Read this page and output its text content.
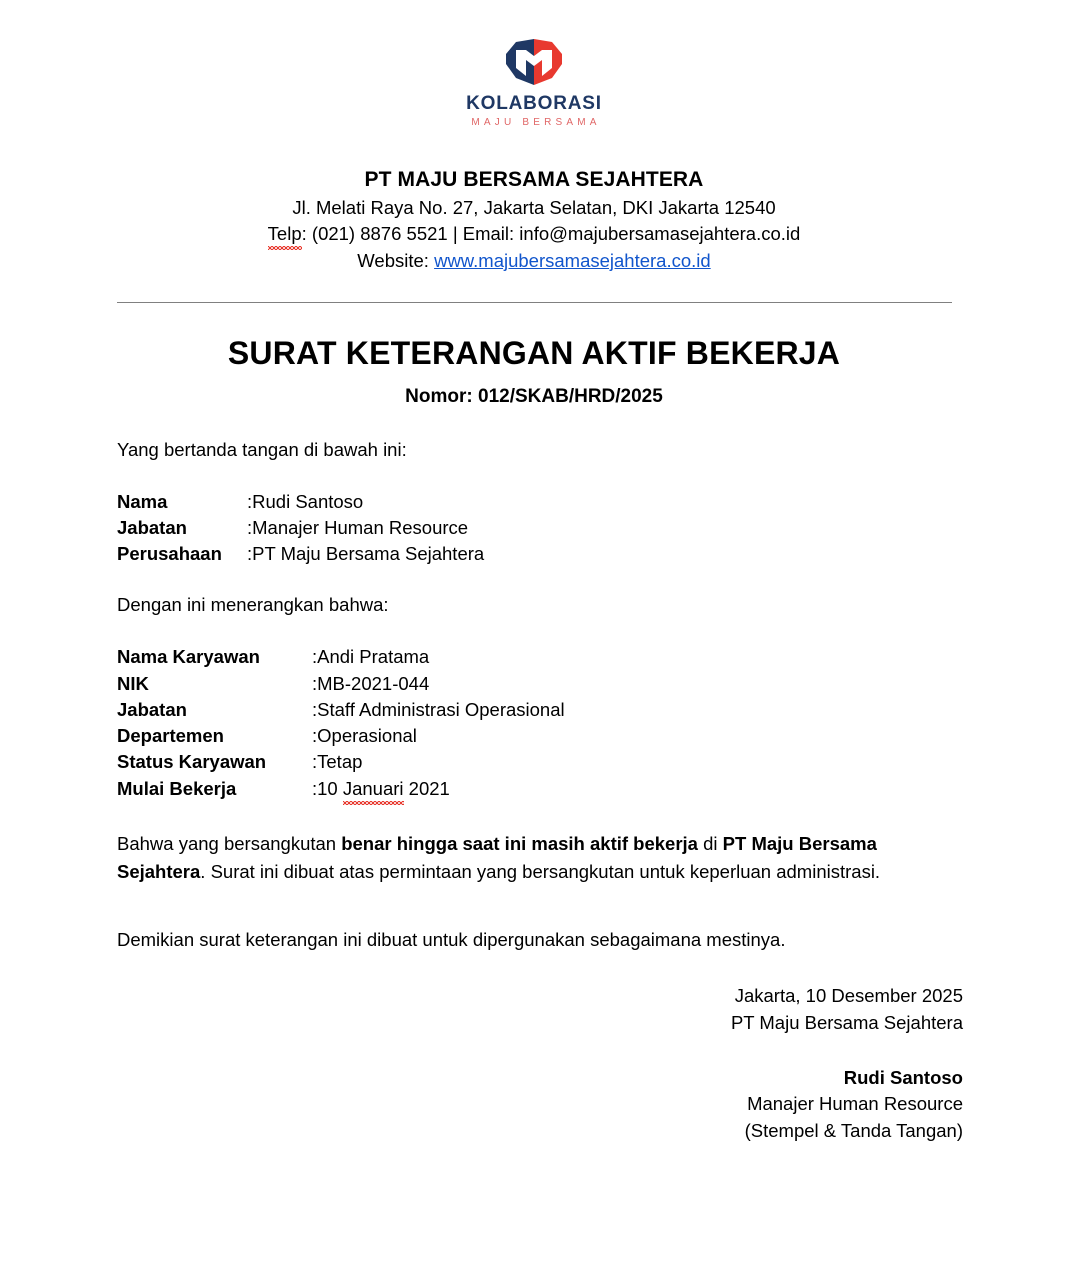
KOLABORASI
MAJU BERSAMA
PT MAJU BERSAMA SEJAHTERA
Jl. Melati Raya No. 27, Jakarta Selatan, DKI Jakarta 12540
Telp: (021) 8876 5521 | Email: info@majubersamasejahtera.co.id
Website: www.majubersamasejahtera.co.id
SURAT KETERANGAN AKTIF BEKERJA
Nomor: 012/SKAB/HRD/2025

Yang bertanda tangan di bawah ini:

Nama	:	Rudi Santoso
Jabatan	:	Manajer Human Resource
Perusahaan	:	PT Maju Bersama Sejahtera

Dengan ini menerangkan bahwa:

Nama Karyawan	:	Andi Pratama
NIK	:	MB-2021-044
Jabatan	:	Staff Administrasi Operasional
Departemen	:	Operasional
Status Karyawan	:	Tetap
Mulai Bekerja	:	10 Januari 2021

Bahwa yang bersangkutan benar hingga saat ini masih aktif bekerja di PT Maju Bersama Sejahtera. Surat ini dibuat atas permintaan yang bersangkutan untuk keperluan administrasi.

Demikian surat keterangan ini dibuat untuk dipergunakan sebagaimana mestinya.

Jakarta, 10 Desember 2025
PT Maju Bersama Sejahtera
Rudi Santoso
Manajer Human Resource
(Stempel & Tanda Tangan)
